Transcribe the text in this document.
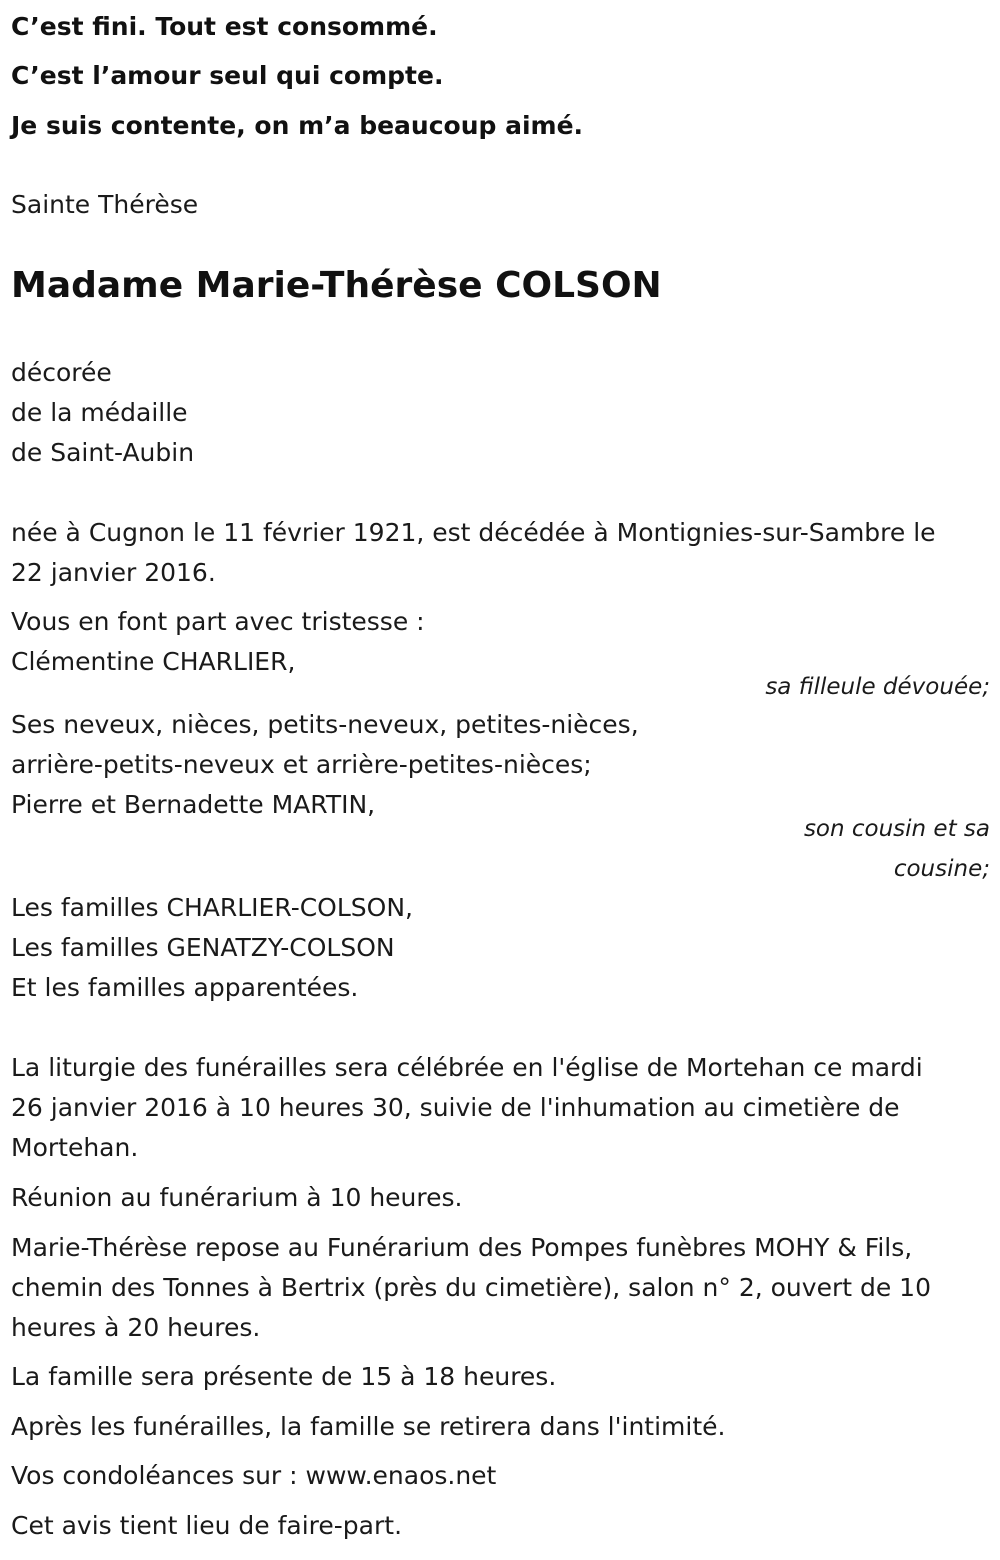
C’est fini. Tout est consommé.
C’est l’amour seul qui compte.
Je suis contente, on m’a beaucoup aimé.
Sainte Thérèse
Madame Marie-Thérèse COLSON
décorée
de la médaille
de Saint-Aubin
née à Cugnon le 11 février 1921, est décédée à Montignies-sur-Sambre le
22 janvier 2016.
Vous en font part avec tristesse :
Clémentine CHARLIER,
sa filleule dévouée;
Ses neveux, nièces, petits-neveux, petites-nièces,
arrière-petits-neveux et arrière-petites-nièces;
Pierre et Bernadette MARTIN,
son cousin et sa
cousine;
Les familles CHARLIER-COLSON,
Les familles GENATZY-COLSON
Et les familles apparentées.
La liturgie des funérailles sera célébrée en l'église de Mortehan ce mardi
26 janvier 2016 à 10 heures 30, suivie de l'inhumation au cimetière de
Mortehan.
Réunion au funérarium à 10 heures.
Marie-Thérèse repose au Funérarium des Pompes funèbres MOHY & Fils,
chemin des Tonnes à Bertrix (près du cimetière), salon n° 2, ouvert de 10
heures à 20 heures.
La famille sera présente de 15 à 18 heures.
Après les funérailles, la famille se retirera dans l'intimité.
Vos condoléances sur : www.enaos.net
Cet avis tient lieu de faire-part.
